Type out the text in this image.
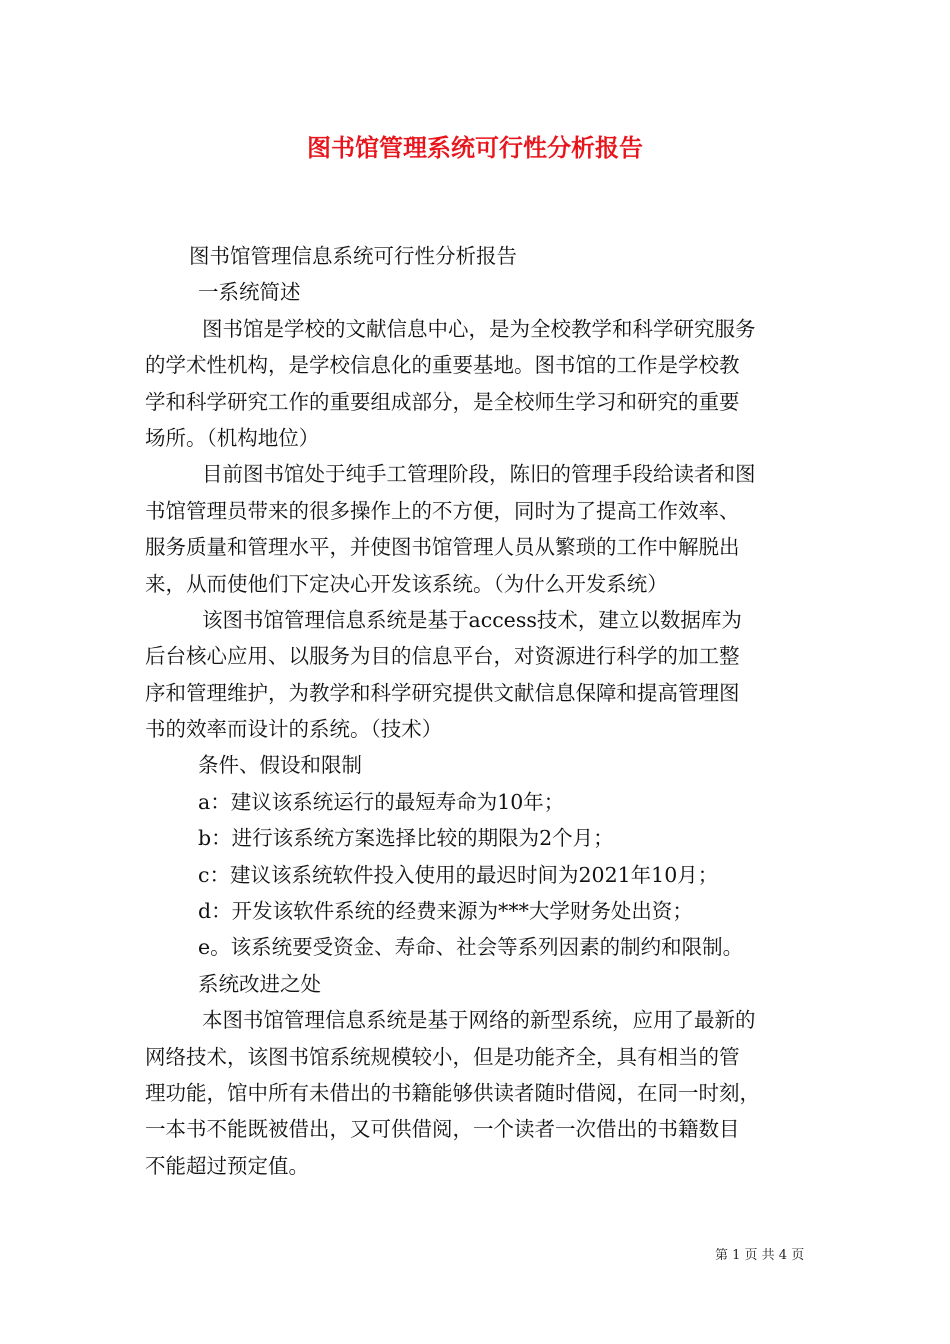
图书馆管理系统可行性分析报告
图书馆管理信息系统可行性分析报告
一系统简述
图书馆是学校的文献信息中心，是为全校教学和科学研究服务
的学术性机构，是学校信息化的重要基地。图书馆的工作是学校教
学和科学研究工作的重要组成部分，是全校师生学习和研究的重要
场所。（机构地位）
目前图书馆处于纯手工管理阶段，陈旧的管理手段给读者和图
书馆管理员带来的很多操作上的不方便，同时为了提高工作效率、
服务质量和管理水平，并使图书馆管理人员从繁琐的工作中解脱出
来，从而使他们下定决心开发该系统。（为什么开发系统）
该图书馆管理信息系统是基于access技术，建立以数据库为
后台核心应用、以服务为目的信息平台，对资源进行科学的加工整
序和管理维护，为教学和科学研究提供文献信息保障和提高管理图
书的效率而设计的系统。（技术）
条件、假设和限制
a：建议该系统运行的最短寿命为10年；
b：进行该系统方案选择比较的期限为2个月；
c：建议该系统软件投入使用的最迟时间为2021年10月；
d：开发该软件系统的经费来源为***大学财务处出资；
e。该系统要受资金、寿命、社会等系列因素的制约和限制。
系统改进之处
本图书馆管理信息系统是基于网络的新型系统，应用了最新的
网络技术，该图书馆系统规模较小，但是功能齐全，具有相当的管
理功能，馆中所有未借出的书籍能够供读者随时借阅，在同一时刻，
一本书不能既被借出，又可供借阅，一个读者一次借出的书籍数目
不能超过预定值。
第 1 页 共 4 页
